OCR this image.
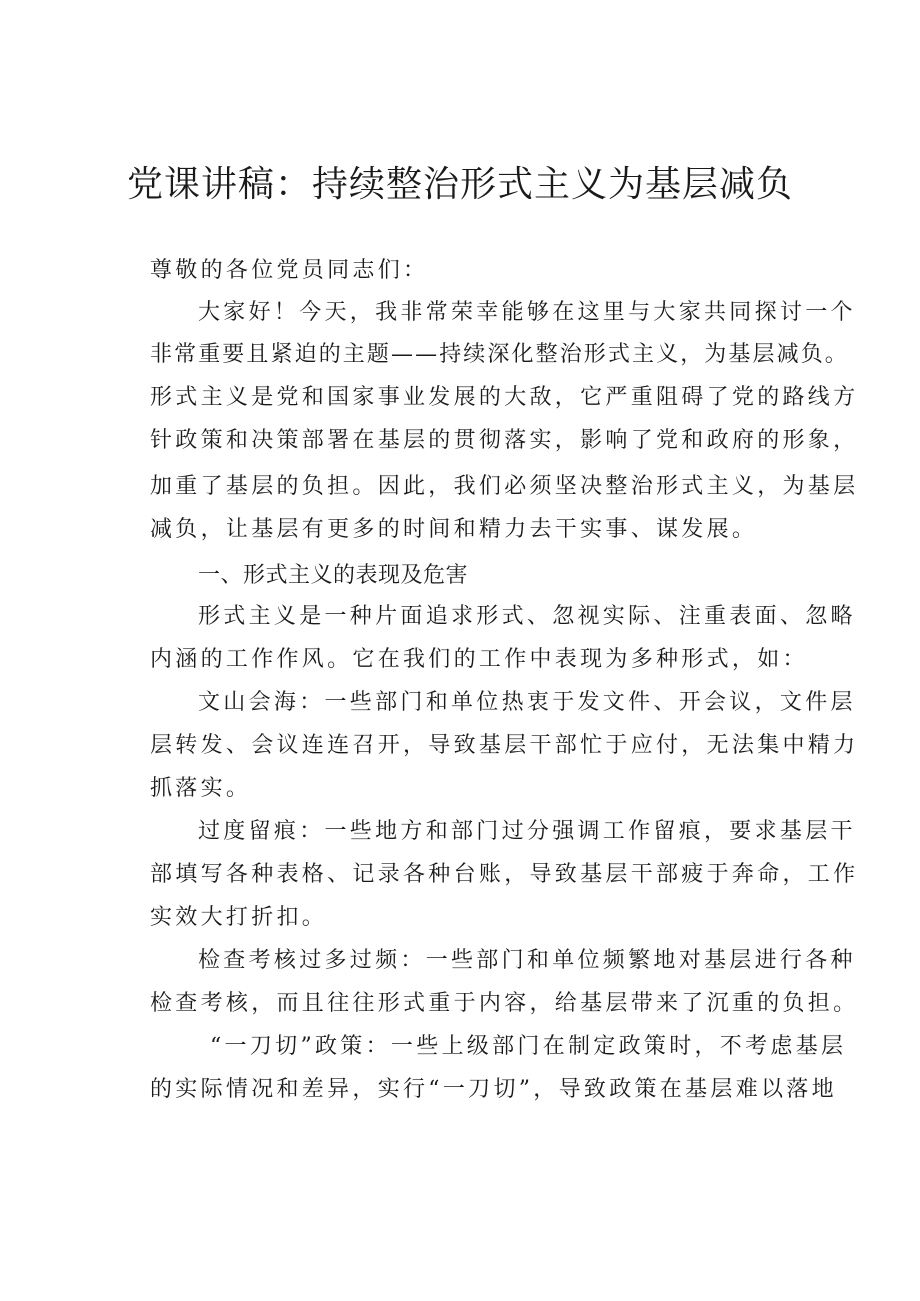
党课讲稿：持续整治形式主义为基层减负
尊敬的各位党员同志们：
大家好！今天，我非常荣幸能够在这里与大家共同探讨一个
非常重要且紧迫的主题——持续深化整治形式主义，为基层减负。
形式主义是党和国家事业发展的大敌，它严重阻碍了党的路线方
针政策和决策部署在基层的贯彻落实，影响了党和政府的形象，
加重了基层的负担。因此，我们必须坚决整治形式主义，为基层
减负，让基层有更多的时间和精力去干实事、谋发展。
一、形式主义的表现及危害
形式主义是一种片面追求形式、忽视实际、注重表面、忽略
内涵的工作作风。它在我们的工作中表现为多种形式，如：
文山会海：一些部门和单位热衷于发文件、开会议，文件层
层转发、会议连连召开，导致基层干部忙于应付，无法集中精力
抓落实。
过度留痕：一些地方和部门过分强调工作留痕，要求基层干
部填写各种表格、记录各种台账，导致基层干部疲于奔命，工作
实效大打折扣。
检查考核过多过频：一些部门和单位频繁地对基层进行各种
检查考核，而且往往形式重于内容，给基层带来了沉重的负担。
“一刀切”政策：一些上级部门在制定政策时，不考虑基层
的实际情况和差异，实行“一刀切”，导致政策在基层难以落地
